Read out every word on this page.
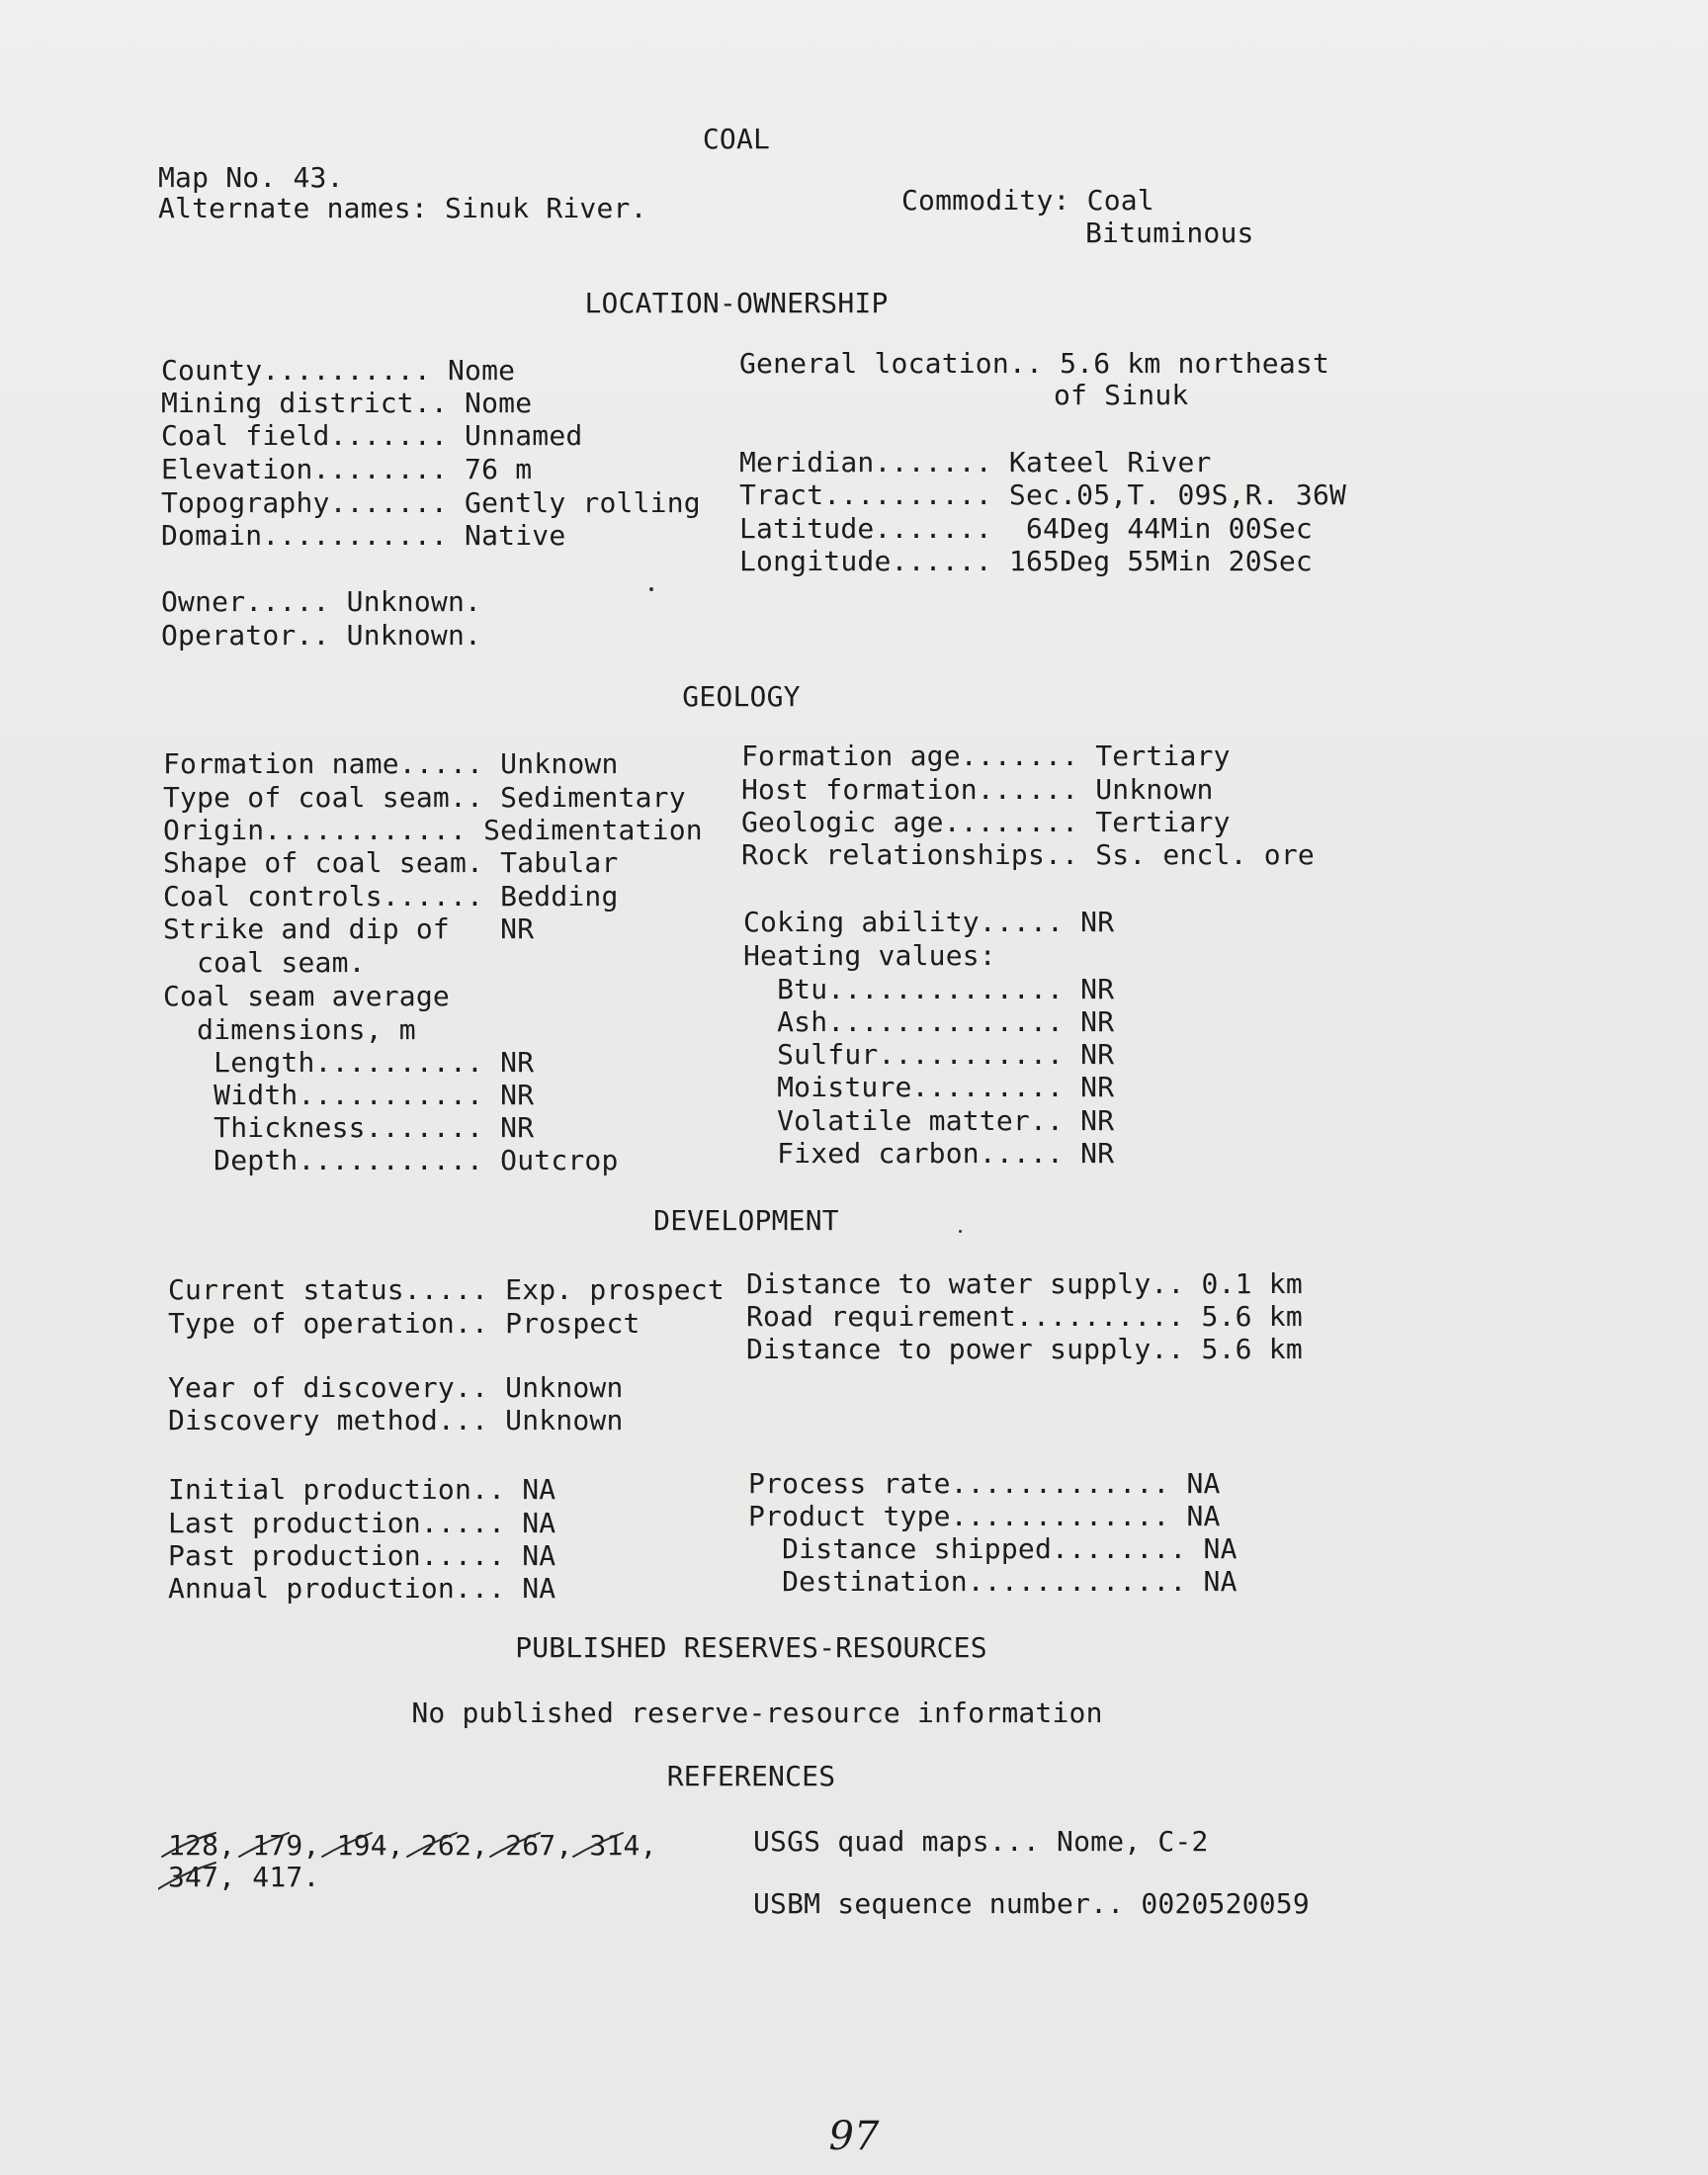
COAL
Map No. 43.
Alternate names: Sinuk River.	Commodity: Coal
Bituminous
LOCATION-OWNERSHIP
County.......... Nome
Mining district.. Nome
Coal field....... Unnamed
Elevation........ 76 m
Topography....... Gently rolling
Domain........... Native
General location.. 5.6 km northeast
of Sinuk
Meridian....... Kateel River
Tract.......... Sec.05,T. 09S,R. 36W
Latitude.......  64Deg 44Min 00Sec
Longitude...... 165Deg 55Min 20Sec
Owner..... Unknown.
Operator.. Unknown.
GEOLOGY
Formation name..... Unknown
Type of coal seam.. Sedimentary
Origin............ Sedimentation
Shape of coal seam. Tabular
Coal controls...... Bedding
Strike and dip of   NR
coal seam.
Coal seam average
dimensions, m
Length.......... NR
Width........... NR
Thickness....... NR
Depth........... Outcrop
Formation age....... Tertiary
Host formation...... Unknown
Geologic age........ Tertiary
Rock relationships.. Ss. encl. ore
Coking ability..... NR
Heating values:
Btu.............. NR
Ash.............. NR
Sulfur........... NR
Moisture......... NR
Volatile matter.. NR
Fixed carbon..... NR
DEVELOPMENT
Current status..... Exp. prospect
Type of operation.. Prospect
Year of discovery.. Unknown
Discovery method... Unknown
Initial production.. NA
Last production..... NA
Past production..... NA
Annual production... NA
Distance to water supply.. 0.1 km
Road requirement.......... 5.6 km
Distance to power supply.. 5.6 km
Process rate............. NA
Product type............. NA
Distance shipped........ NA
Destination............. NA
PUBLISHED RESERVES-RESOURCES
No published reserve-resource information
REFERENCES
128, 179, 194, 262, 267, 314,
347, 417.
USGS quad maps... Nome, C-2
USBM sequence number.. 0020520059
97
